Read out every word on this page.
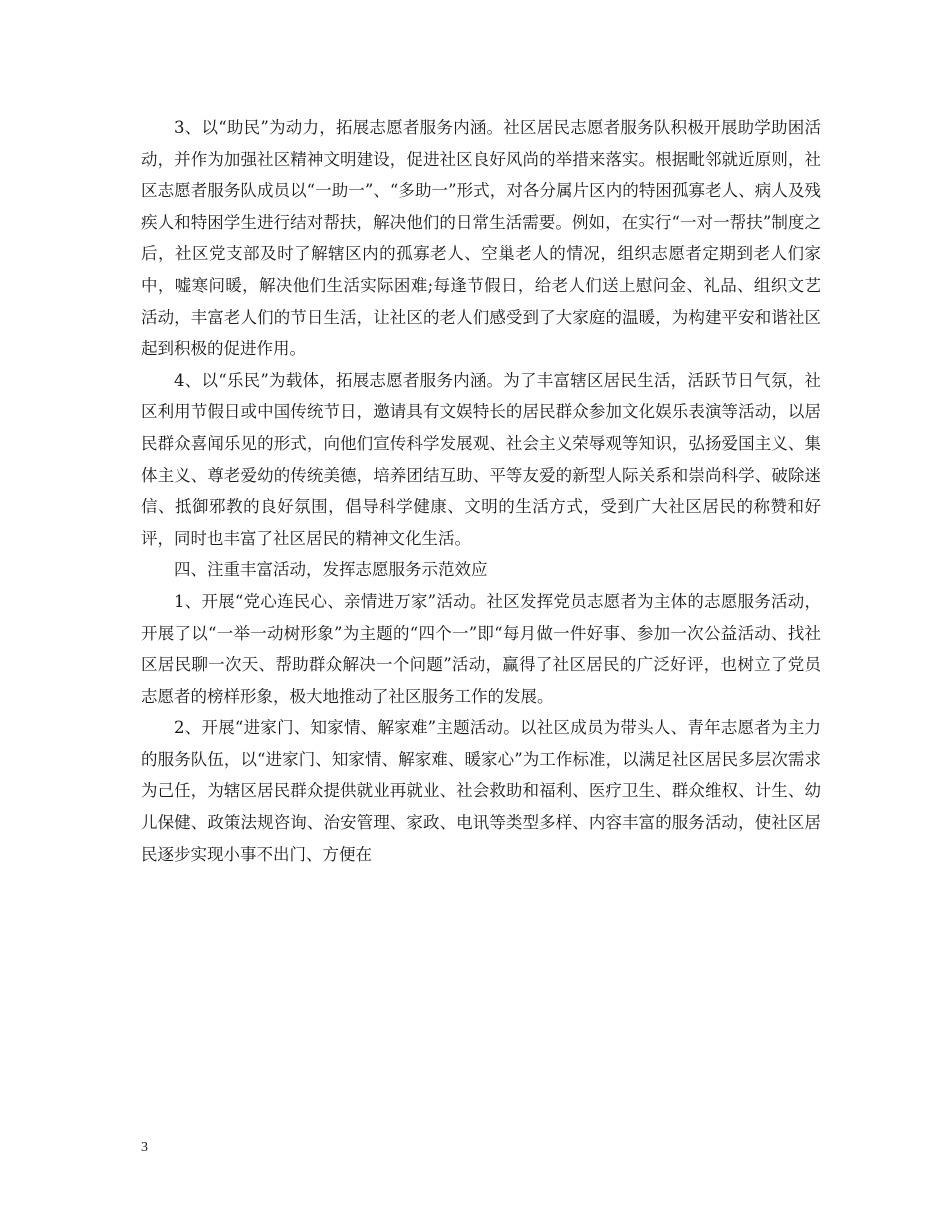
3、以“助民”为动力，拓展志愿者服务内涵。社区居民志愿者服务队积极开展助学助困活动，并作为加强社区精神文明建设，促进社区良好风尚的举措来落实。根据毗邻就近原则，社区志愿者服务队成员以“一助一”、“多助一”形式，对各分属片区内的特困孤寡老人、病人及残疾人和特困学生进行结对帮扶，解决他们的日常生活需要。例如，在实行“一对一帮扶”制度之后，社区党支部及时了解辖区内的孤寡老人、空巢老人的情况，组织志愿者定期到老人们家中，嘘寒问暖，解决他们生活实际困难;每逢节假日，给老人们送上慰问金、礼品、组织文艺活动，丰富老人们的节日生活，让社区的老人们感受到了大家庭的温暖，为构建平安和谐社区起到积极的促进作用。

4、以“乐民”为载体，拓展志愿者服务内涵。为了丰富辖区居民生活，活跃节日气氛，社区利用节假日或中国传统节日，邀请具有文娱特长的居民群众参加文化娱乐表演等活动，以居民群众喜闻乐见的形式，向他们宣传科学发展观、社会主义荣辱观等知识，弘扬爱国主义、集体主义、尊老爱幼的传统美德，培养团结互助、平等友爱的新型人际关系和崇尚科学、破除迷信、抵御邪教的良好氛围，倡导科学健康、文明的生活方式，受到广大社区居民的称赞和好评，同时也丰富了社区居民的精神文化生活。

四、注重丰富活动，发挥志愿服务示范效应

1、开展“党心连民心、亲情进万家”活动。社区发挥党员志愿者为主体的志愿服务活动，开展了以“一举一动树形象”为主题的“四个一”即“每月做一件好事、参加一次公益活动、找社区居民聊一次天、帮助群众解决一个问题”活动，赢得了社区居民的广泛好评，也树立了党员志愿者的榜样形象，极大地推动了社区服务工作的发展。

2、开展“进家门、知家情、解家难”主题活动。以社区成员为带头人、青年志愿者为主力的服务队伍，以“进家门、知家情、解家难、暖家心”为工作标准，以满足社区居民多层次需求为己任，为辖区居民群众提供就业再就业、社会救助和福利、医疗卫生、群众维权、计生、幼儿保健、政策法规咨询、治安管理、家政、电讯等类型多样、内容丰富的服务活动，使社区居民逐步实现小事不出门、方便在

3
